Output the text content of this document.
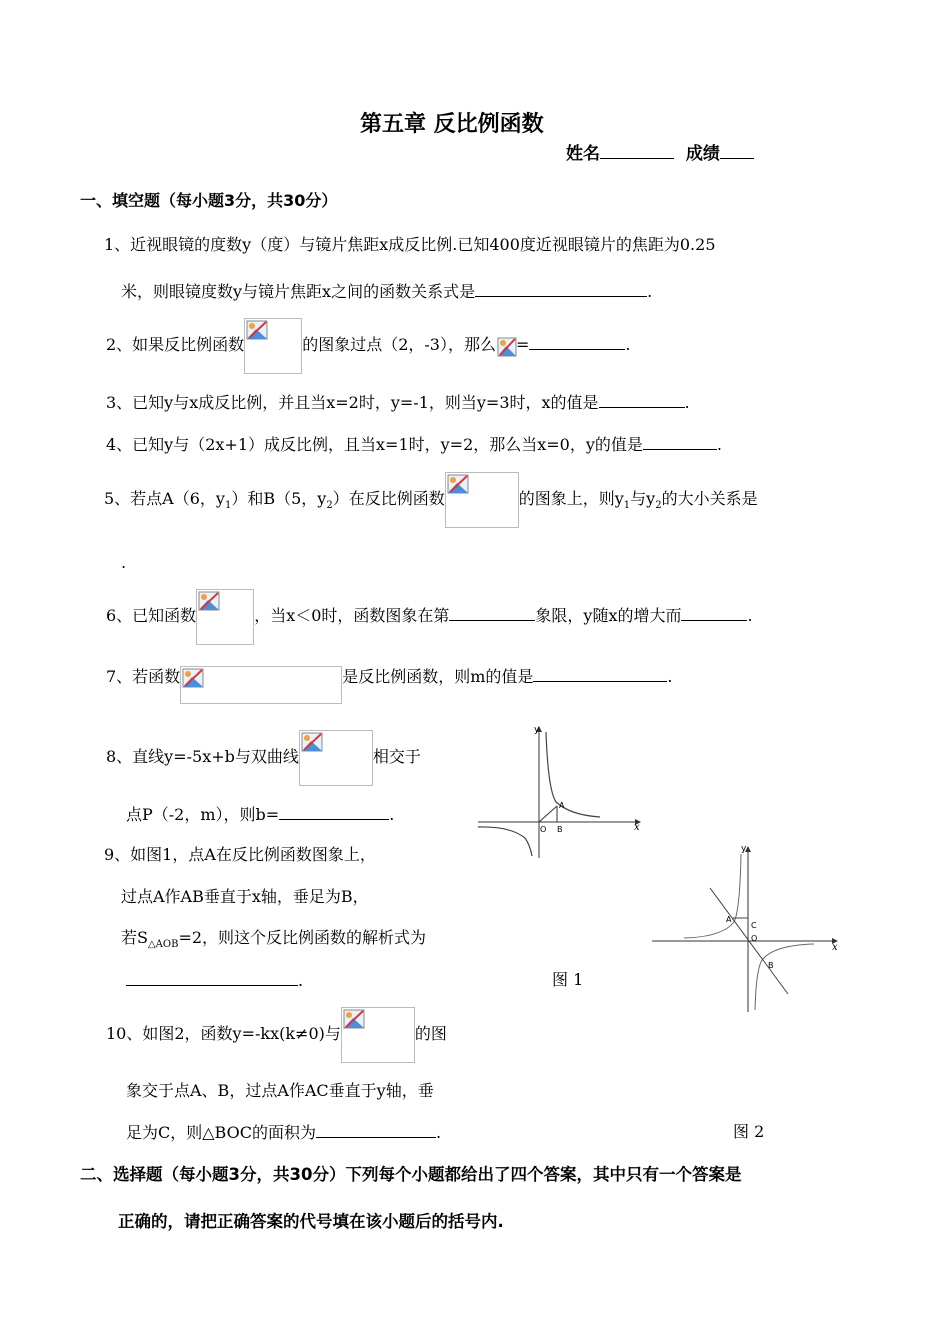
第五章 反比例函数
姓名	成绩
一、填空题（每小题3分，共30分）
1、近视眼镜的度数y（度）与镜片焦距x成反比例.已知400度近视眼镜片的焦距为0.25
米，则眼镜度数y与镜片焦距x之间的函数关系式是	.
2、如果反比例函数	的图象过点（2，-3），那么 =	.
3、已知y与x成反比例，并且当x=2时，y=-1，则当y=3时，x的值是	.
4、已知y与（2x+1）成反比例，且当x=1时，y=2，那么当x=0，y的值是	.
5、若点A（6，$y_1$）和B（5，$y_2$）在反比例函数	的图象上，则$y_1$与$y_2$的大小关系是
.
6、已知函数	，当x＜0时，函数图象在第	象限，y随x的增大而	.
7、若函数	是反比例函数，则m的值是	.
8、直线y=-5x+b与双曲线	相交于
点P（-2，m），则b=	.
9、如图1，点A在反比例函数图象上，
过点A作AB垂直于x轴，垂足为B，
若$S_{\triangle AOB}=2$，则这个反比例函数的解析式为
.
10、如图2，函数y=-kx(k≠0)与	的图
象交于点A、B，过点A作AC垂直于y轴，垂
足为C，则△BOC的面积为	.
y
x
O
A
B
图 1
y
x
O
A
C
B
图 2
二、选择题（每小题3分，共30分）下列每个小题都给出了四个答案，其中只有一个答案是
正确的，请把正确答案的代号填在该小题后的括号内.
